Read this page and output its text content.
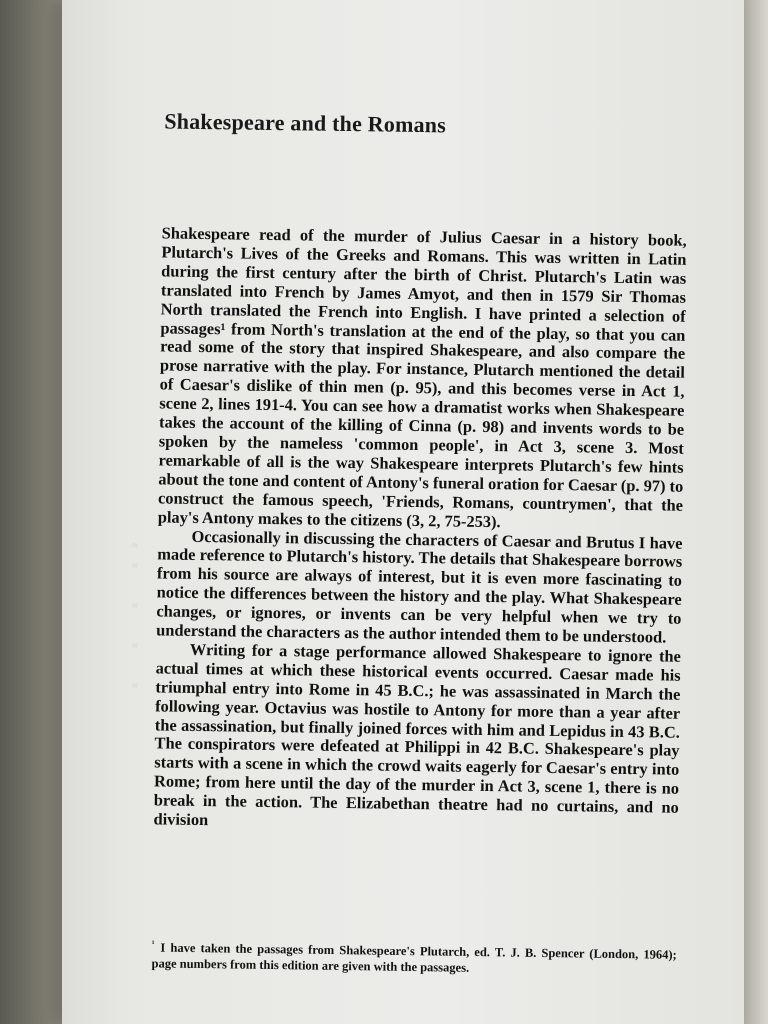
≈
≈
≈
≈
≈
Shakespeare and the Romans

Shakespeare read of the murder of Julius Caesar in a history book, Plutarch's Lives of the Greeks and Romans. This was written in Latin during the first century after the birth of Christ. Plutarch's Latin was translated into French by James Amyot, and then in 1579 Sir Thomas North translated the French into English. I have printed a selection of passages¹ from North's translation at the end of the play, so that you can read some of the story that inspired Shakespeare, and also compare the prose narrative with the play. For instance, Plutarch mentioned the detail of Caesar's dislike of thin men (p. 95), and this becomes verse in Act 1, scene 2, lines 191-4. You can see how a dramatist works when Shakespeare takes the account of the killing of Cinna (p. 98) and invents words to be spoken by the nameless 'common people', in Act 3, scene 3. Most remarkable of all is the way Shakespeare interprets Plutarch's few hints about the tone and content of Antony's funeral oration for Caesar (p. 97) to construct the famous speech, 'Friends, Romans, countrymen', that the play's Antony makes to the citizens (3, 2, 75-253).

Occasionally in discussing the characters of Caesar and Brutus I have made reference to Plutarch's history. The details that Shakespeare borrows from his source are always of interest, but it is even more fascinating to notice the differences between the history and the play. What Shakespeare changes, or ignores, or invents can be very helpful when we try to understand the characters as the author intended them to be understood.

Writing for a stage performance allowed Shakespeare to ignore the actual times at which these historical events occurred. Caesar made his triumphal entry into Rome in 45 B.C.; he was assassinated in March the following year. Octavius was hostile to Antony for more than a year after the assassination, but finally joined forces with him and Lepidus in 43 B.C. The conspirators were defeated at Philippi in 42 B.C. Shakespeare's play starts with a scene in which the crowd waits eagerly for Caesar's entry into Rome; from here until the day of the murder in Act 3, scene 1, there is no break in the action. The Elizabethan theatre had no curtains, and no division

$^{^1}$ I have taken the passages from Shakespeare's Plutarch, ed. T. J. B. Spencer (London, 1964); page numbers from this edition are given with the passages.
